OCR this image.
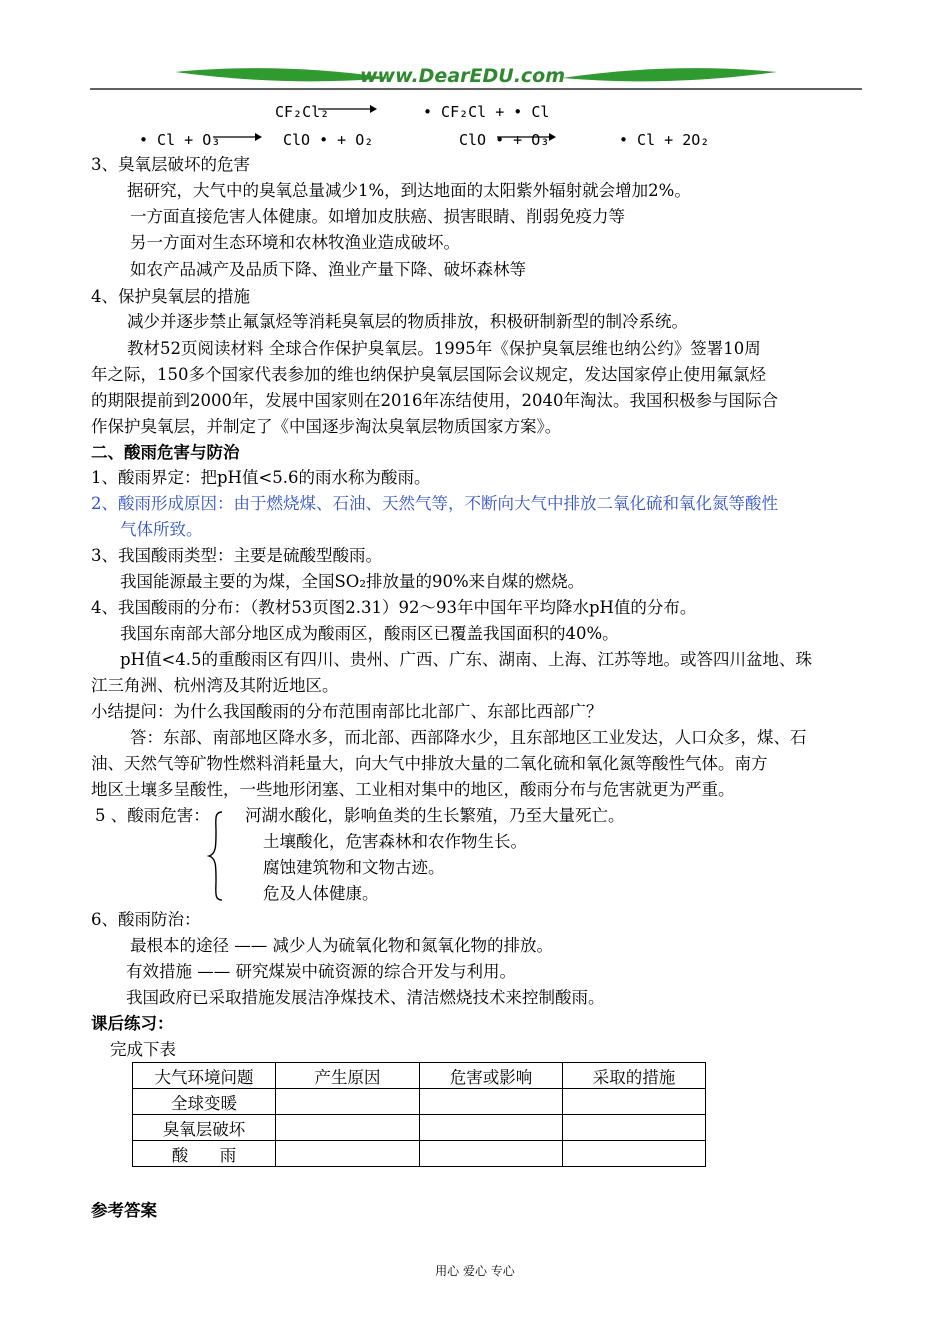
www.DearEDU.com
CF₂Cl₂	• CF₂Cl + • Cl
• Cl + O₃	ClO • + O₂	ClO • + O₃	• Cl + 2O₂
3、臭氧层破坏的危害
据研究，大气中的臭氧总量减少1%，到达地面的太阳紫外辐射就会增加2%。
一方面直接危害人体健康。如增加皮肤癌、损害眼睛、削弱免疫力等
另一方面对生态环境和农林牧渔业造成破坏。
如农产品减产及品质下降、渔业产量下降、破坏森林等
4、保护臭氧层的措施
减少并逐步禁止氟氯烃等消耗臭氧层的物质排放，积极研制新型的制冷系统。
教材52页阅读材料 全球合作保护臭氧层。1995年《保护臭氧层维也纳公约》签署10周
年之际，150多个国家代表参加的维也纳保护臭氧层国际会议规定，发达国家停止使用氟氯烃
的期限提前到2000年，发展中国家则在2016年冻结使用，2040年淘汰。我国积极参与国际合
作保护臭氧层，并制定了《中国逐步淘汰臭氧层物质国家方案》。
二、酸雨危害与防治
1、酸雨界定：把pH值<5.6的雨水称为酸雨。
2、酸雨形成原因：由于燃烧煤、石油、天然气等，不断向大气中排放二氧化硫和氧化氮等酸性
气体所致。
3、我国酸雨类型：主要是硫酸型酸雨。
我国能源最主要的为煤，全国SO₂排放量的90%来自煤的燃烧。
4、我国酸雨的分布：（教材53页图2.31）92～93年中国年平均降水pH值的分布。
我国东南部大部分地区成为酸雨区，酸雨区已覆盖我国面积的40%。
pH值<4.5的重酸雨区有四川、贵州、广西、广东、湖南、上海、江苏等地。或答四川盆地、珠
江三角洲、杭州湾及其附近地区。
小结提问：为什么我国酸雨的分布范围南部比北部广、东部比西部广？
答：东部、南部地区降水多，而北部、西部降水少，且东部地区工业发达，人口众多，煤、石
油、天然气等矿物性燃料消耗量大，向大气中排放大量的二氧化硫和氧化氮等酸性气体。南方
地区土壤多呈酸性，一些地形闭塞、工业相对集中的地区，酸雨分布与危害就更为严重。
5 、酸雨危害：	河湖水酸化，影响鱼类的生长繁殖，乃至大量死亡。
土壤酸化，危害森林和农作物生长。
腐蚀建筑物和文物古迹。
危及人体健康。
6、酸雨防治：
最根本的途径 —— 减少人为硫氧化物和氮氧化物的排放。
有效措施 —— 研究煤炭中硫资源的综合开发与利用。
我国政府已采取措施发展洁净煤技术、清洁燃烧技术来控制酸雨。
课后练习：
完成下表
大气环境问题	产生原因	危害或影响	采取的措施
全球变暖			
臭氧层破坏			
酸      雨			
参考答案
用心 爱心 专心
